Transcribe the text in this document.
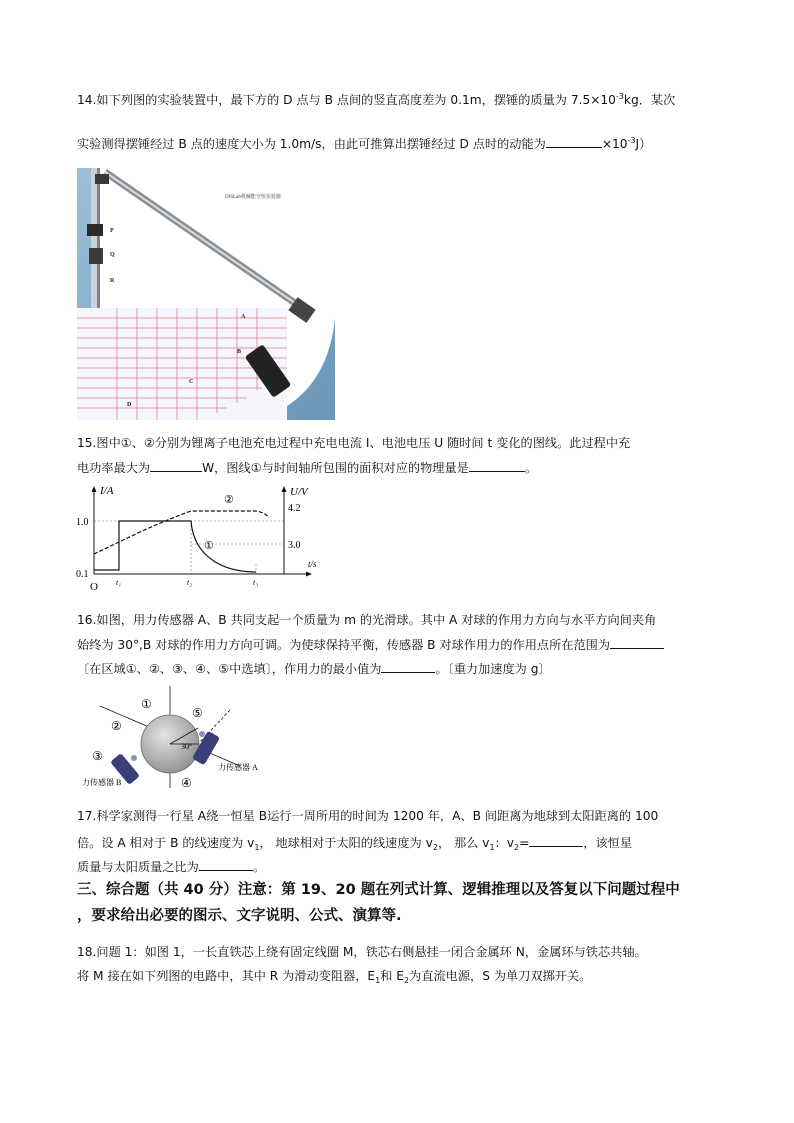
14.如下列图的实验装置中，最下方的 D 点与 B 点间的竖直高度差为 0.1m，摆锤的质量为 $7.5\times 10^{-3}kg$．某次
实验测得摆锤经过 B 点的速度大小为 1.0m/s，由此可推算出摆锤经过 D 点时的动能为	$\times 10^{-3}J$）
DISLab机械能守恒实验器
P
Q
R
A
B
C
D
15.图中①、②分别为锂离子电池充电过程中充电电流 I、电池电压 U 随时间 t 变化的图线。此过程中充
电功率最大为	W，图线①与时间轴所包围的面积对应的物理量是	。
I/A	U/V
t/s
1.0
0.1
4.2
3.0
O t₁	t₂	t₃
①
②
16.如图，用力传感器 A、B 共同支起一个质量为 m 的光滑球。其中 A 对球的作用力方向与水平方向间夹角
始终为 30°,B 对球的作用力方向可调。为使球保持平衡，传感器 B 对球作用力的作用点所在范围为
〔在区域①、②、③、④、⑤中选填〕，作用力的最小值为	。〔重力加速度为 g〕
①
②
③
④
⑤
30°
力传感器 A
力传感器 B
17.科学家测得一行星 A绕一恒星 B运行一周所用的时间为 1200 年，A、B 间距离为地球到太阳距离的 100
倍。设 A 相对于 B 的线速度为 $v_1$， 地球相对于太阳的线速度为 $v_2$， 那么 $v_1$：$v_2=$	，该恒星
质量与太阳质量之比为	。
三、综合题（共 40 分）注意：第 19、20 题在列式计算、逻辑推理以及答复以下问题过程中
，要求给出必要的图示、文字说明、公式、演算等.
18.问题 1：如图 1，一长直铁芯上绕有固定线圈 M，铁芯右侧悬挂一闭合金属环 N，金属环与铁芯共轴。
将 M 接在如下列图的电路中，其中 R 为滑动变阻器，$E_1$和 $E_2$为直流电源，S 为单刀双掷开关。
